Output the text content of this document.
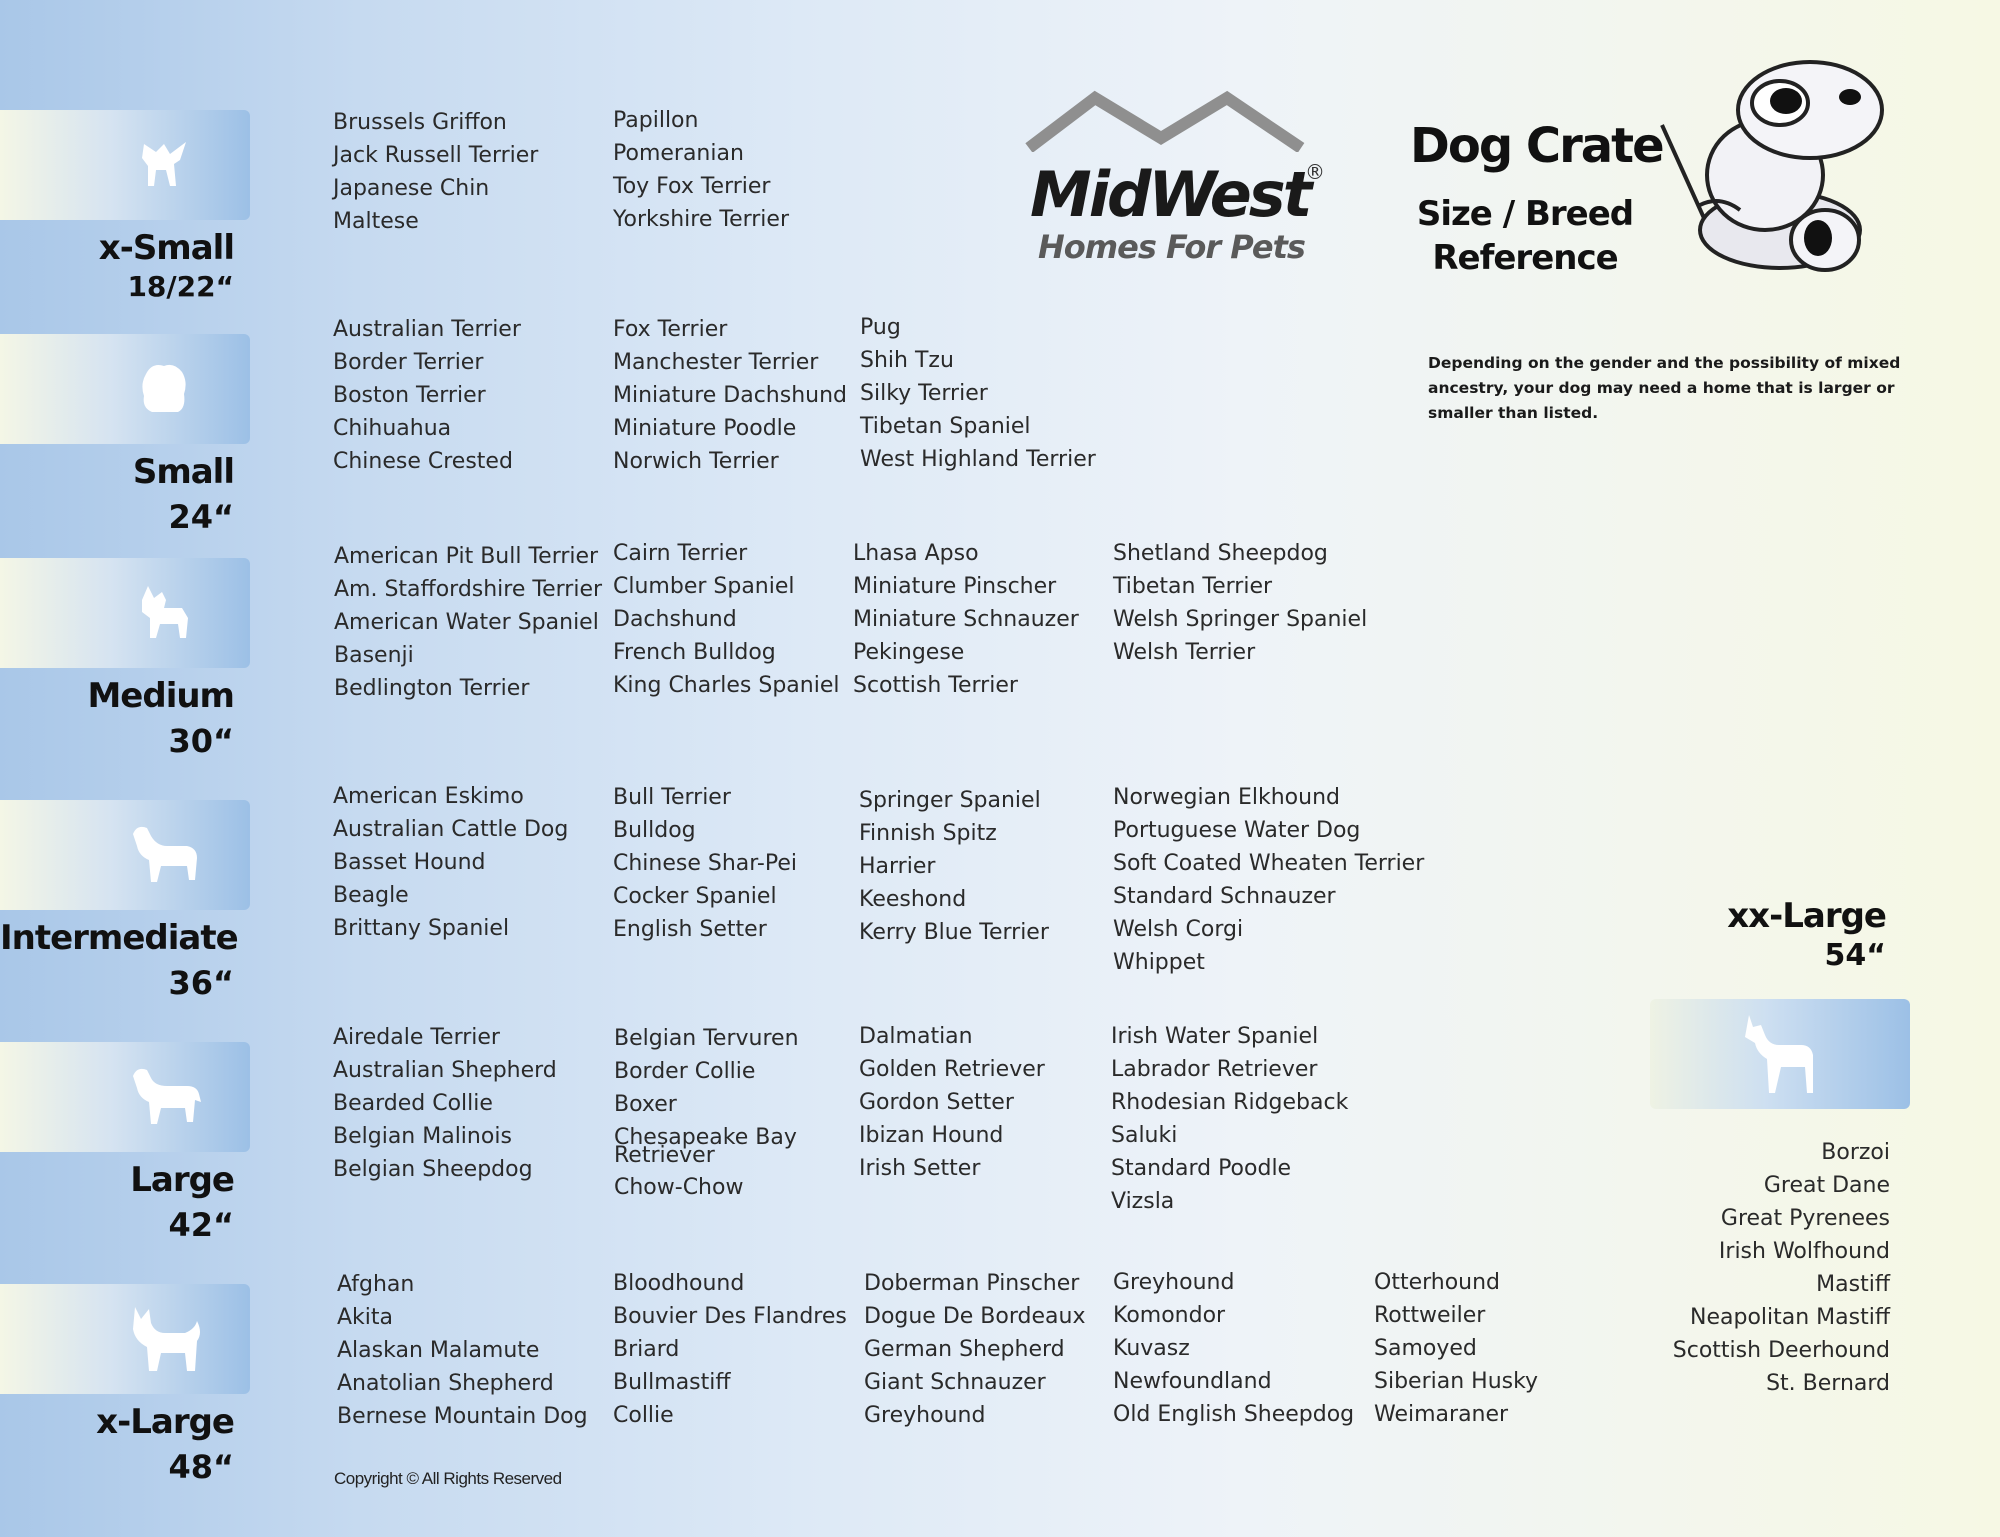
MidWest
®
Homes For Pets
Dog Crate
Size / Breed Reference
Depending on the gender and the possibility of mixed ancestry, your dog may need a home that is larger or smaller than listed.
x-Small
18/22“
Brussels Griffon
Jack Russell Terrier
Japanese Chin
Maltese
Papillon
Pomeranian
Toy Fox Terrier
Yorkshire Terrier
Small
24“
Australian Terrier
Border Terrier
Boston Terrier
Chihuahua
Chinese Crested
Fox Terrier
Manchester Terrier
Miniature Dachshund
Miniature Poodle
Norwich Terrier
Pug
Shih Tzu
Silky Terrier
Tibetan Spaniel
West Highland Terrier
Medium
30“
American Pit Bull Terrier
Am. Staffordshire Terrier
American Water Spaniel
Basenji
Bedlington Terrier
Cairn Terrier
Clumber Spaniel
Dachshund
French Bulldog
King Charles Spaniel
Lhasa Apso
Miniature Pinscher
Miniature Schnauzer
Pekingese
Scottish Terrier
Shetland Sheepdog
Tibetan Terrier
Welsh Springer Spaniel
Welsh Terrier
Intermediate
36“
American Eskimo
Australian Cattle Dog
Basset Hound
Beagle
Brittany Spaniel
Bull Terrier
Bulldog
Chinese Shar-Pei
Cocker Spaniel
English Setter
Springer Spaniel
Finnish Spitz
Harrier
Keeshond
Kerry Blue Terrier
Norwegian Elkhound
Portuguese Water Dog
Soft Coated Wheaten Terrier
Standard Schnauzer
Welsh Corgi
Whippet
Large
42“
Airedale Terrier
Australian Shepherd
Bearded Collie
Belgian Malinois
Belgian Sheepdog
Belgian Tervuren
Border Collie
Boxer
Chesapeake Bay
Retriever
Chow-Chow
Dalmatian
Golden Retriever
Gordon Setter
Ibizan Hound
Irish Setter
Irish Water Spaniel
Labrador Retriever
Rhodesian Ridgeback
Saluki
Standard Poodle
Vizsla
x-Large
48“
Afghan
Akita
Alaskan Malamute
Anatolian Shepherd
Bernese Mountain Dog
Bloodhound
Bouvier Des Flandres
Briard
Bullmastiff
Collie
Doberman Pinscher
Dogue De Bordeaux
German Shepherd
Giant Schnauzer
Greyhound
Greyhound
Komondor
Kuvasz
Newfoundland
Old English Sheepdog
Otterhound
Rottweiler
Samoyed
Siberian Husky
Weimaraner
xx-Large
54“
Borzoi
Great Dane
Great Pyrenees
Irish Wolfhound
Mastiff
Neapolitan Mastiff
Scottish Deerhound
St. Bernard
Copyright © All Rights Reserved
